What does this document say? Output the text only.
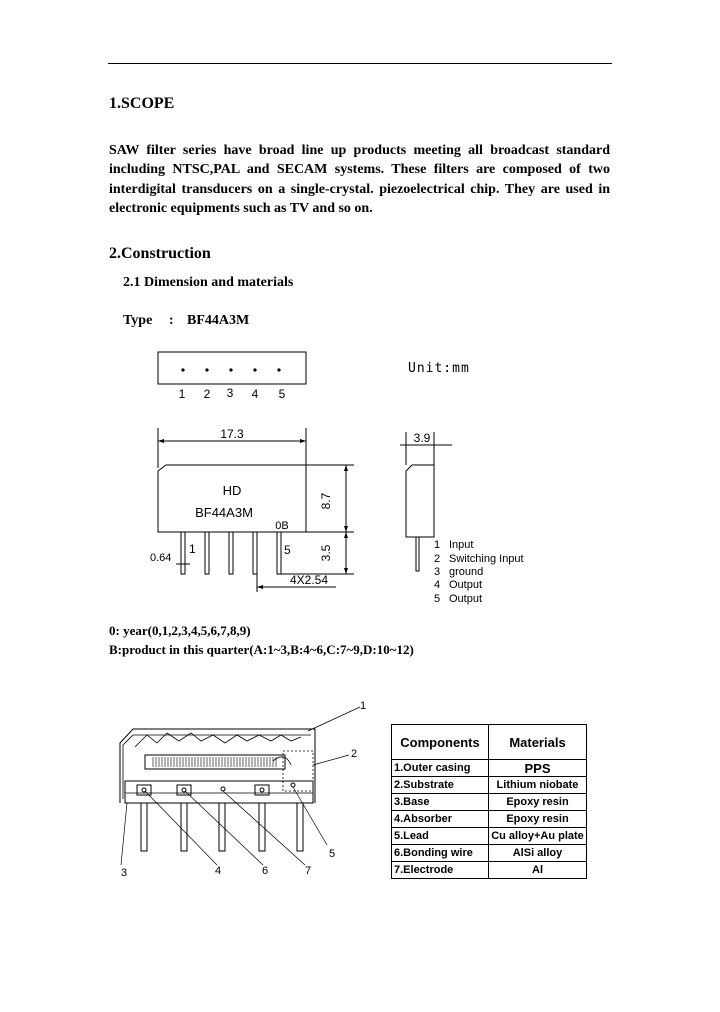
1.SCOPE
SAW filter series have broad line up products meeting all broadcast standard including NTSC,PAL and SECAM systems. These filters are composed of two interdigital transducers on a single-crystal. piezoelectrical chip. They are used in electronic equipments such as TV and so on.
2.Construction
2.1 Dimension and materials
Type : BF44A3M
1 2 3 4 5
Unit:mm
17.3
HD
BF44A3M
0B
1	5
0.64
8.7
3.5
4X2.54
3.9
1 Input
2 Switching Input
3 ground
4 Output
5 Output
0: year(0,1,2,3,4,5,6,7,8,9)
B:product in this quarter(A:1~3,B:4~6,C:7~9,D:10~12)
1
2
3	4
5
6	7
Components	Materials
1.Outer casing	PPS
2.Substrate	Lithium niobate
3.Base	Epoxy resin
4.Absorber	Epoxy resin
5.Lead	Cu alloy+Au plate
6.Bonding wire	AlSi alloy
7.Electrode	Al
